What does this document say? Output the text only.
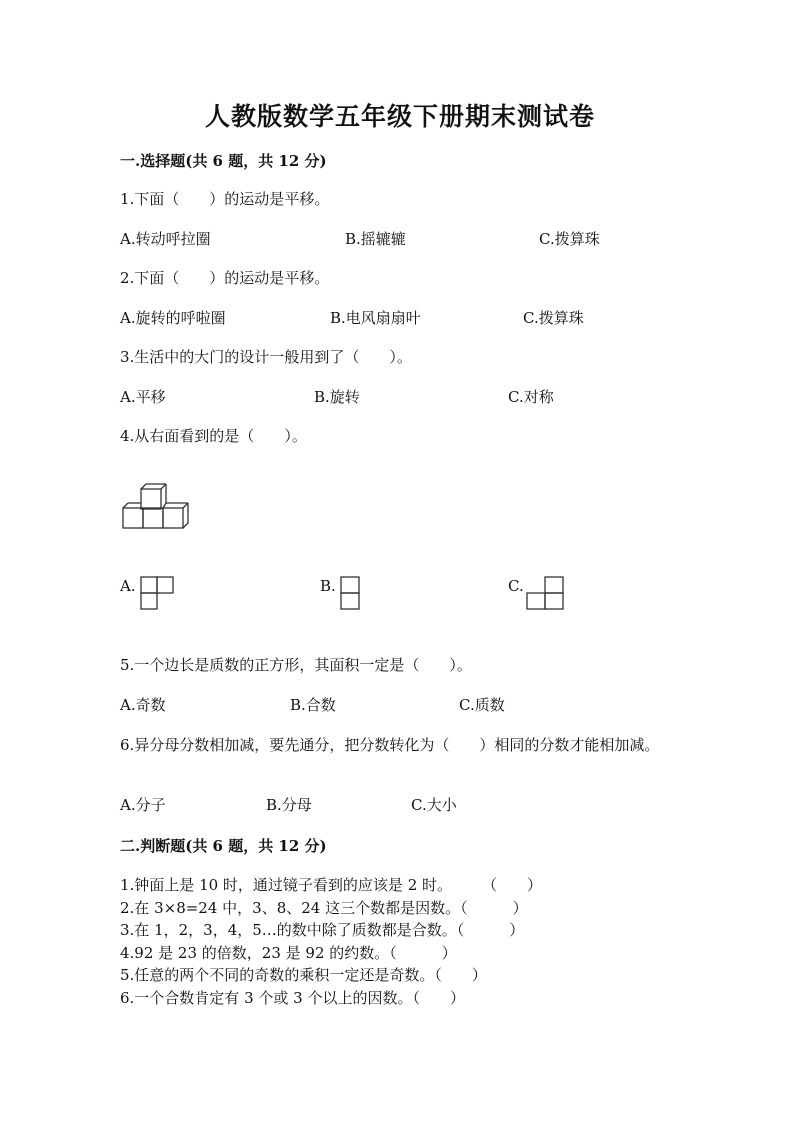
人教版数学五年级下册期末测试卷
一.选择题(共 6 题，共 12 分)
1.下面（　　）的运动是平移。
A.转动呼拉圈	B.摇辘辘	C.拨算珠
2.下面（　　）的运动是平移。
A.旋转的呼啦圈	B.电风扇扇叶	C.拨算珠
3.生活中的大门的设计一般用到了（　　）。
A.平移	B.旋转	C.对称
4.从右面看到的是（　　）。
A.	B.	C.
5.一个边长是质数的正方形，其面积一定是（　　）。
A.奇数	B.合数	C.质数
6.异分母分数相加减，要先通分，把分数转化为（　　）相同的分数才能相加减。
A.分子	B.分母	C.大小
二.判断题(共 6 题，共 12 分)
1.钟面上是 10 时，通过镜子看到的应该是 2 时。　　　（　　）
2.在 3×8=24 中，3、8、24 这三个数都是因数。（　　　）
3.在 1，2，3，4，5…的数中除了质数都是合数。（　　　）
4.92 是 23 的倍数，23 是 92 的约数。（　　　）
5.任意的两个不同的奇数的乘积一定还是奇数。（　　）
6.一个合数肯定有 3 个或 3 个以上的因数。（　　）
